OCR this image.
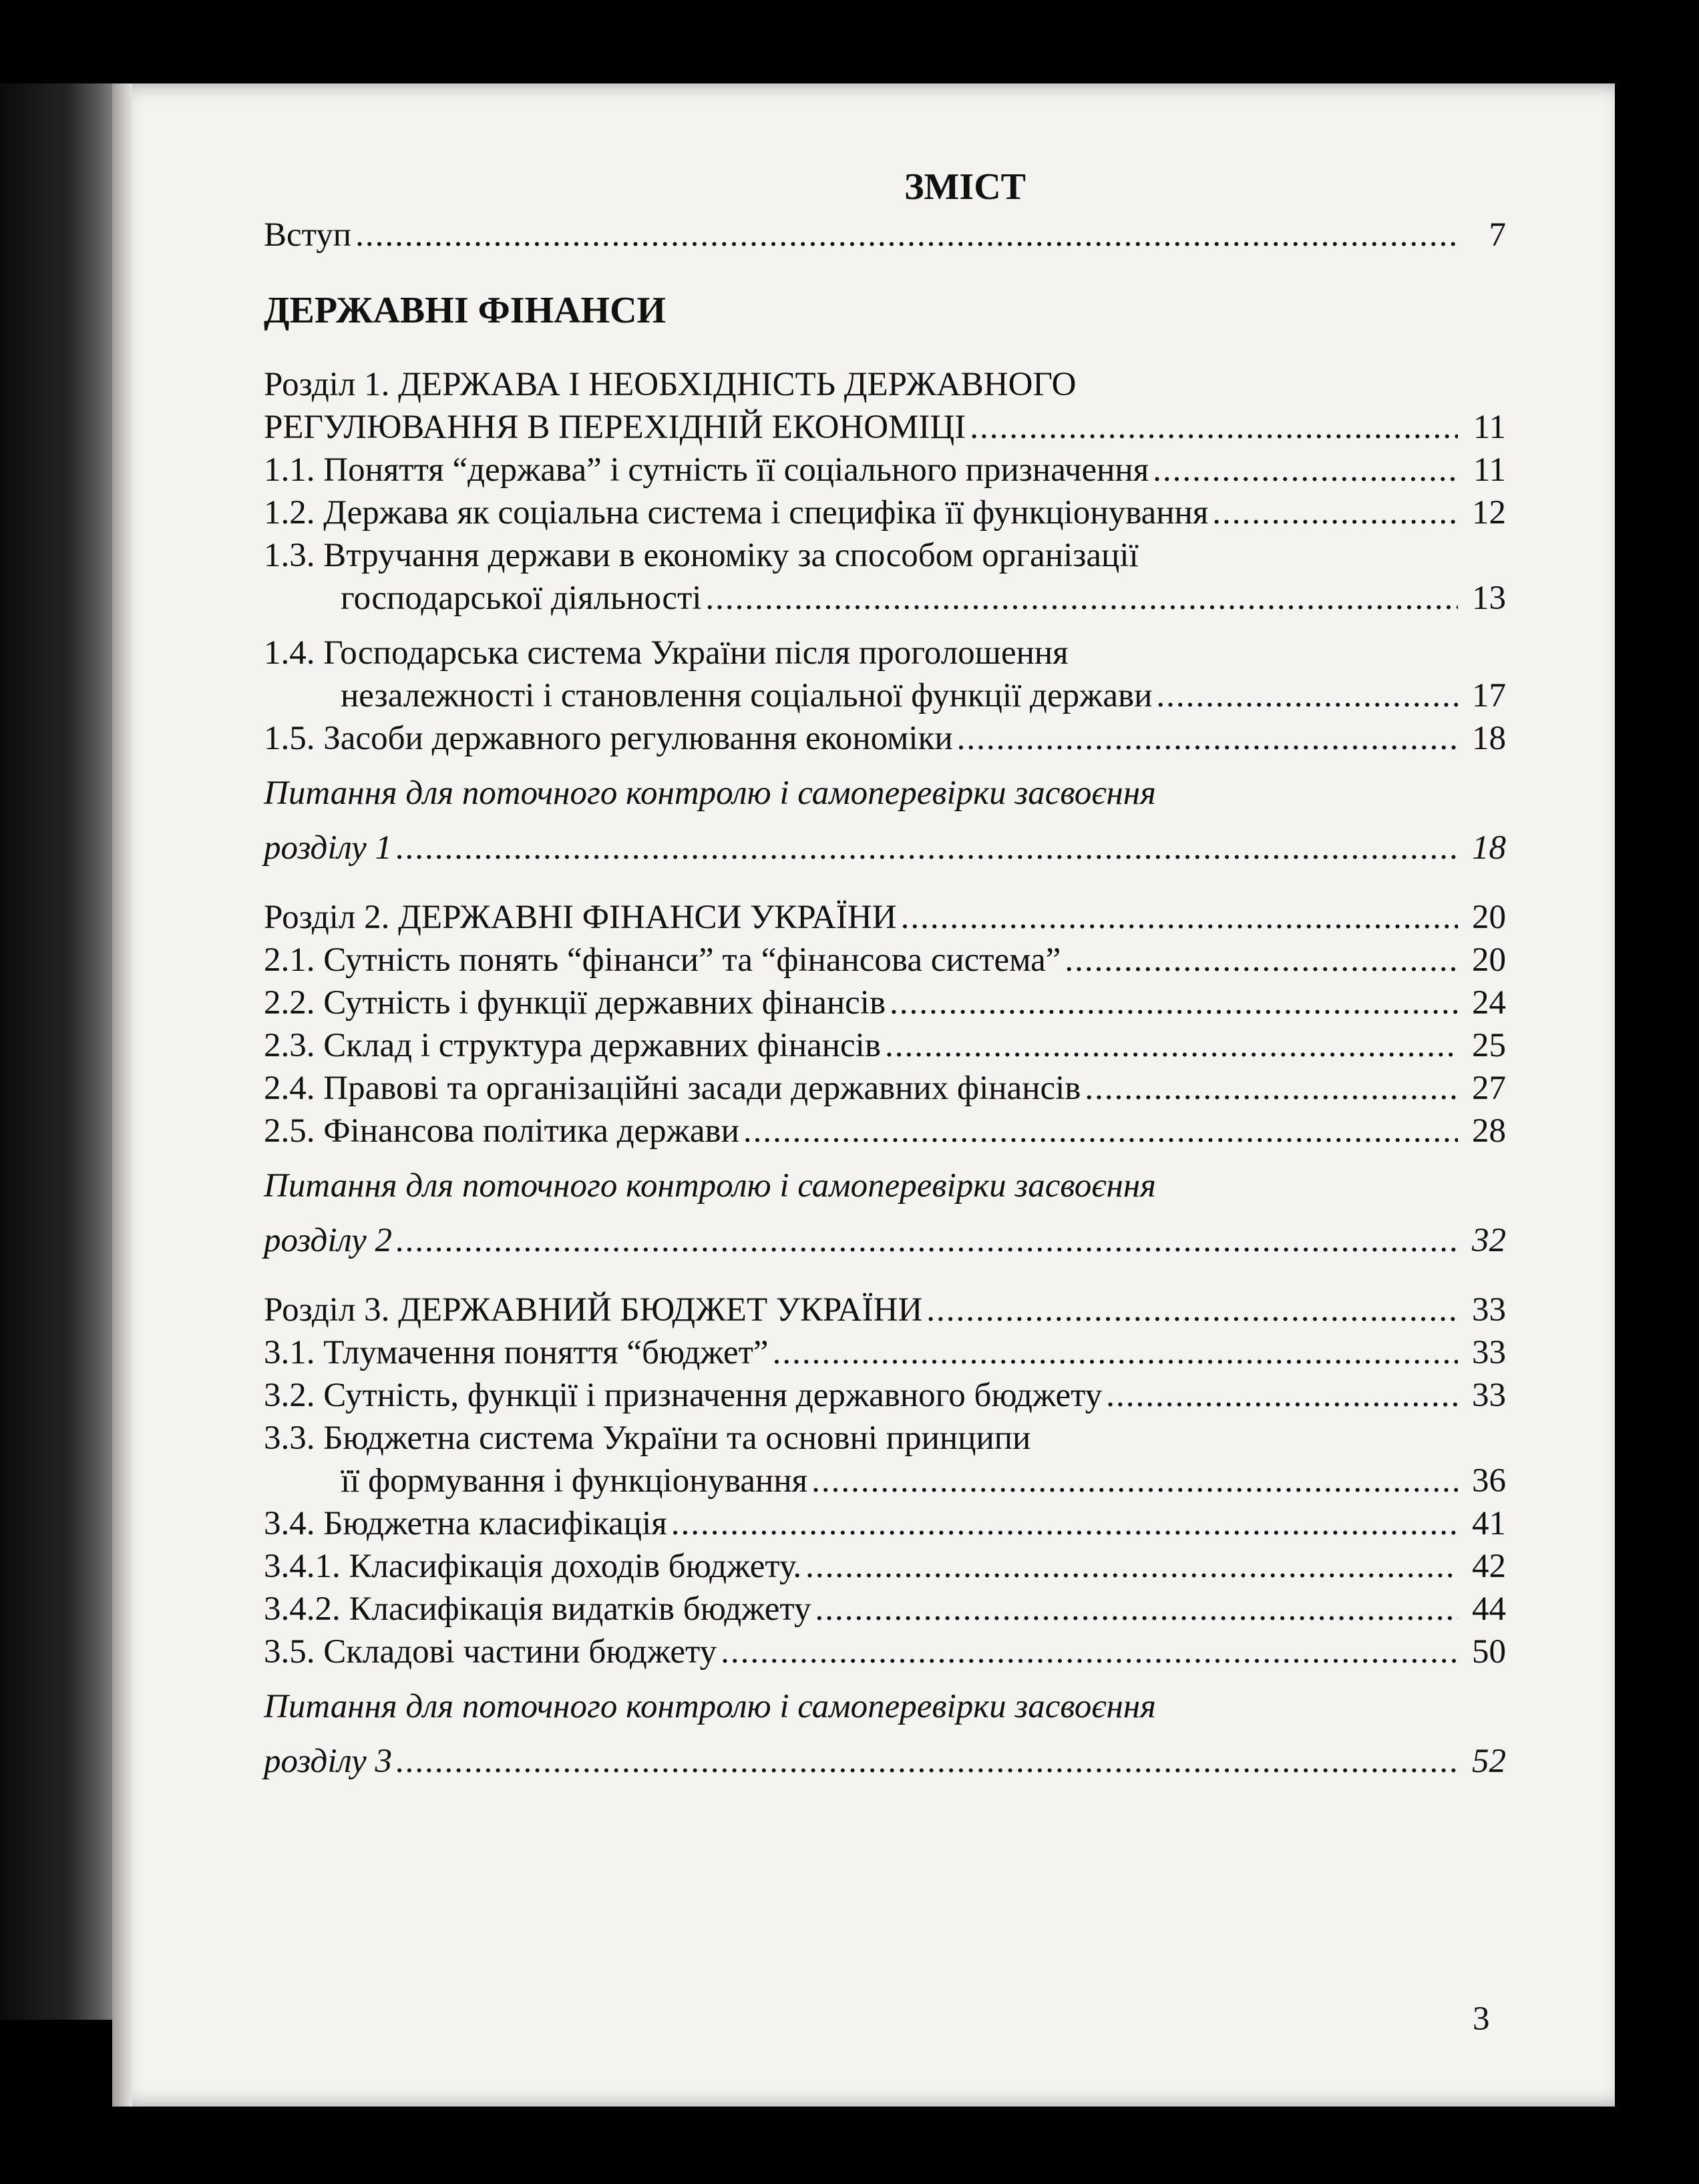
ЗМІСТ
Вступ .....	7
ДЕРЖАВНІ ФІНАНСИ
Розділ 1. ДЕРЖАВА І НЕОБХІДНІСТЬ ДЕРЖАВНОГО
РЕГУЛЮВАННЯ В ПЕРЕХІДНІЙ ЕКОНОМІЦІ .....	11
1.1. Поняття “держава” і сутність її соціального призначення .....	11
1.2. Держава як соціальна система і специфіка її функціонування .....	12
1.3. Втручання держави в економіку за способом організації
господарської діяльності .....	13
1.4. Господарська система України після проголошення
незалежності і становлення соціальної функції держави .....	17
1.5. Засоби державного регулювання економіки .....	18
Питання для поточного контролю і самоперевірки засвоєння
розділу 1 .....	18
Розділ 2. ДЕРЖАВНІ ФІНАНСИ УКРАЇНИ .....	20
2.1. Сутність понять “фінанси” та “фінансова система” .....	20
2.2. Сутність і функції державних фінансів .....	24
2.3. Склад і структура державних фінансів .....	25
2.4. Правові та організаційні засади державних фінансів .....	27
2.5. Фінансова політика держави .....	28
Питання для поточного контролю і самоперевірки засвоєння
розділу 2 .....	32
Розділ 3. ДЕРЖАВНИЙ БЮДЖЕТ УКРАЇНИ .....	33
3.1. Тлумачення поняття “бюджет” .....	33
3.2. Сутність, функції і призначення державного бюджету .....	33
3.3. Бюджетна система України та основні принципи
її формування і функціонування .....	36
3.4. Бюджетна класифікація .....	41
3.4.1. Класифікація доходів бюджету. .....	42
3.4.2. Класифікація видатків бюджету .....	44
3.5. Складові частини бюджету .....	50
Питання для поточного контролю і самоперевірки засвоєння
розділу 3 .....	52
3
